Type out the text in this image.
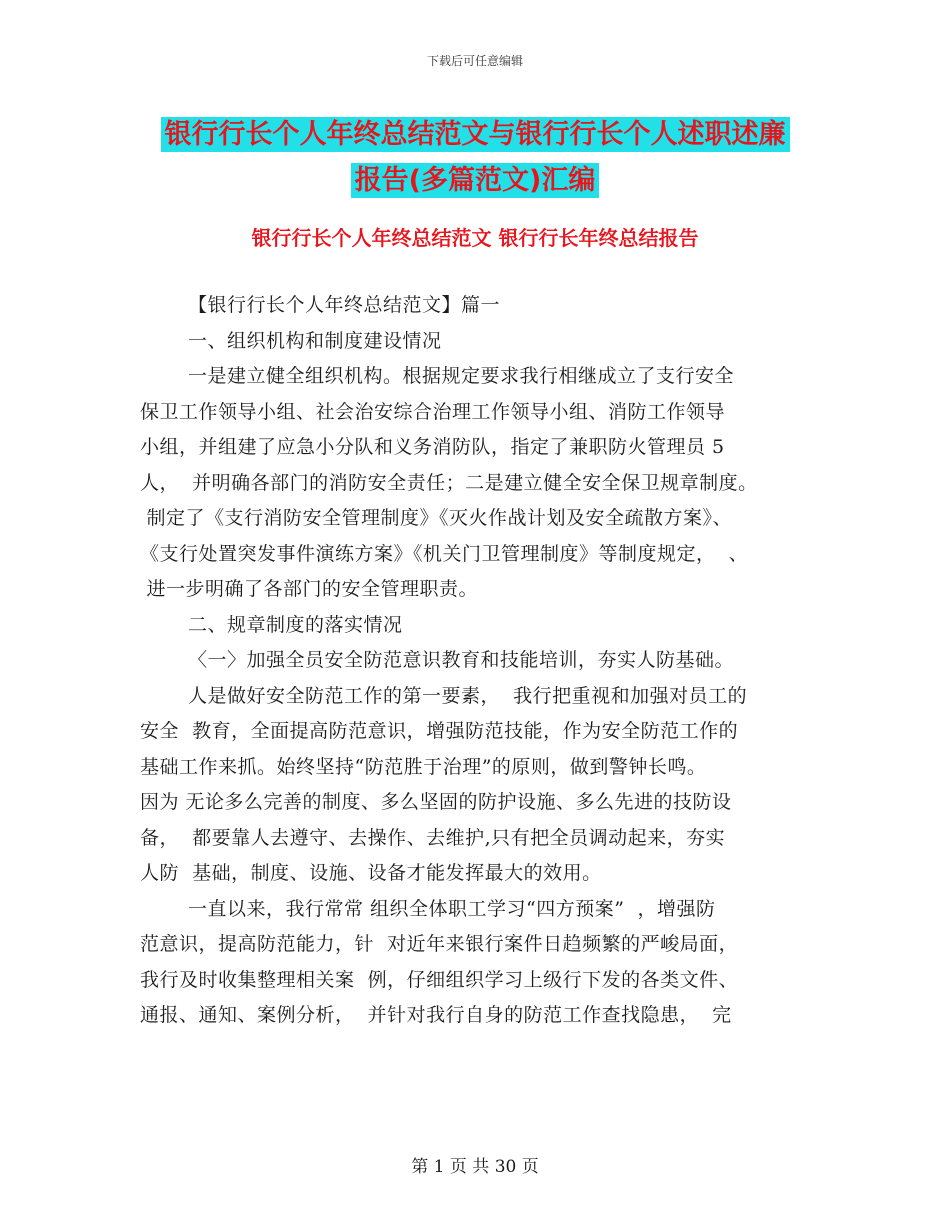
下载后可任意编辑
银行行长个人年终总结范文与银行行长个人述职述廉
报告(多篇范文)汇编
银行行长个人年终总结范文 银行行长年终总结报告
【银行行长个人年终总结范文】篇一
一、组织机构和制度建设情况
一是建立健全组织机构。根据规定要求我行相继成立了支行安全
保卫工作领导小组、社会治安综合治理工作领导小组、消防工作领导
小组，并组建了应急小分队和义务消防队，指定了兼职防火管理员 5
人，  并明确各部门的消防安全责任；二是建立健全安全保卫规章制度。
制定了《支行消防安全管理制度》《灭火作战计划及安全疏散方案》、
《支行处置突发事件演练方案》《机关门卫管理制度》等制度规定，  、
进一步明确了各部门的安全管理职责。
二、规章制度的落实情况
〈一〉加强全员安全防范意识教育和技能培训，夯实人防基础。
人是做好安全防范工作的第一要素，  我行把重视和加强对员工的
安全  教育，全面提高防范意识，增强防范技能，作为安全防范工作的
基础工作来抓。始终坚持“防范胜于治理”的原则，做到警钟长鸣。
因为 无论多么完善的制度、多么坚固的防护设施、多么先进的技防设
备，  都要靠人去遵守、去操作、去维护,只有把全员调动起来，夯实
人防  基础，制度、设施、设备才能发挥最大的效用。
一直以来，我行常常 组织全体职工学习“四方预案”  ，增强防
范意识，提高防范能力，针  对近年来银行案件日趋频繁的严峻局面，
我行及时收集整理相关案  例，仔细组织学习上级行下发的各类文件、
通报、通知、案例分析，  并针对我行自身的防范工作查找隐患，  完
第 1 页 共 30 页
